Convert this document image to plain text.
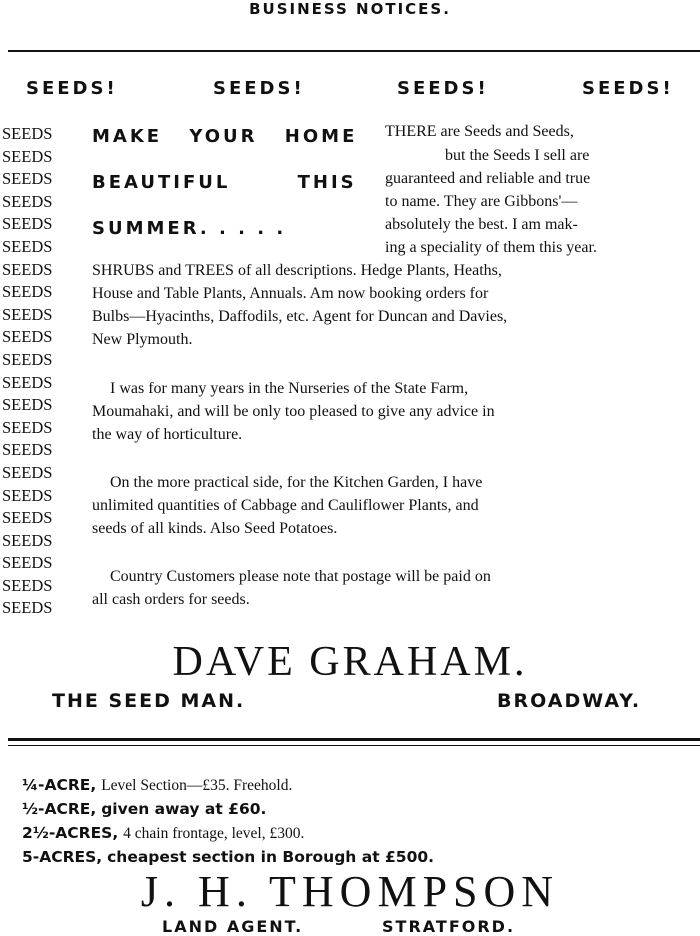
BUSINESS NOTICES.
SEEDS!	SEEDS!	SEEDS!	SEEDS!
SEEDS
SEEDS
SEEDS
SEEDS
SEEDS
SEEDS
SEEDS
SEEDS
SEEDS
SEEDS
SEEDS
SEEDS
SEEDS
SEEDS
SEEDS
SEEDS
SEEDS
SEEDS
SEEDS
SEEDS
SEEDS
SEEDS
MAKE YOUR HOME
BEAUTIFUL THIS
SUMMER. . . . .
THERE are Seeds and Seeds,
but the Seeds I sell are
guaranteed and reliable and true
to name. They are Gibbons'—
absolutely the best. I am mak-
ing a speciality of them this year.
SHRUBS and TREES of all descriptions. Hedge Plants, Heaths,
House and Table Plants, Annuals. Am now booking orders for
Bulbs—Hyacinths, Daffodils, etc. Agent for Duncan and Davies,
New Plymouth.
I was for many years in the Nurseries of the State Farm,
Moumahaki, and will be only too pleased to give any advice in
the way of horticulture.
On the more practical side, for the Kitchen Garden, I have
unlimited quantities of Cabbage and Cauliflower Plants, and
seeds of all kinds. Also Seed Potatoes.
Country Customers please note that postage will be paid on
all cash orders for seeds.
DAVE GRAHAM.
THE SEED MAN.	BROADWAY.
¼-ACRE, Level Section—£35. Freehold.
½-ACRE, given away at £60.
2½-ACRES, 4 chain frontage, level, £300.
5-ACRES, cheapest section in Borough at £500.
J. H. THOMPSON
LAND AGENT.	STRATFORD.
